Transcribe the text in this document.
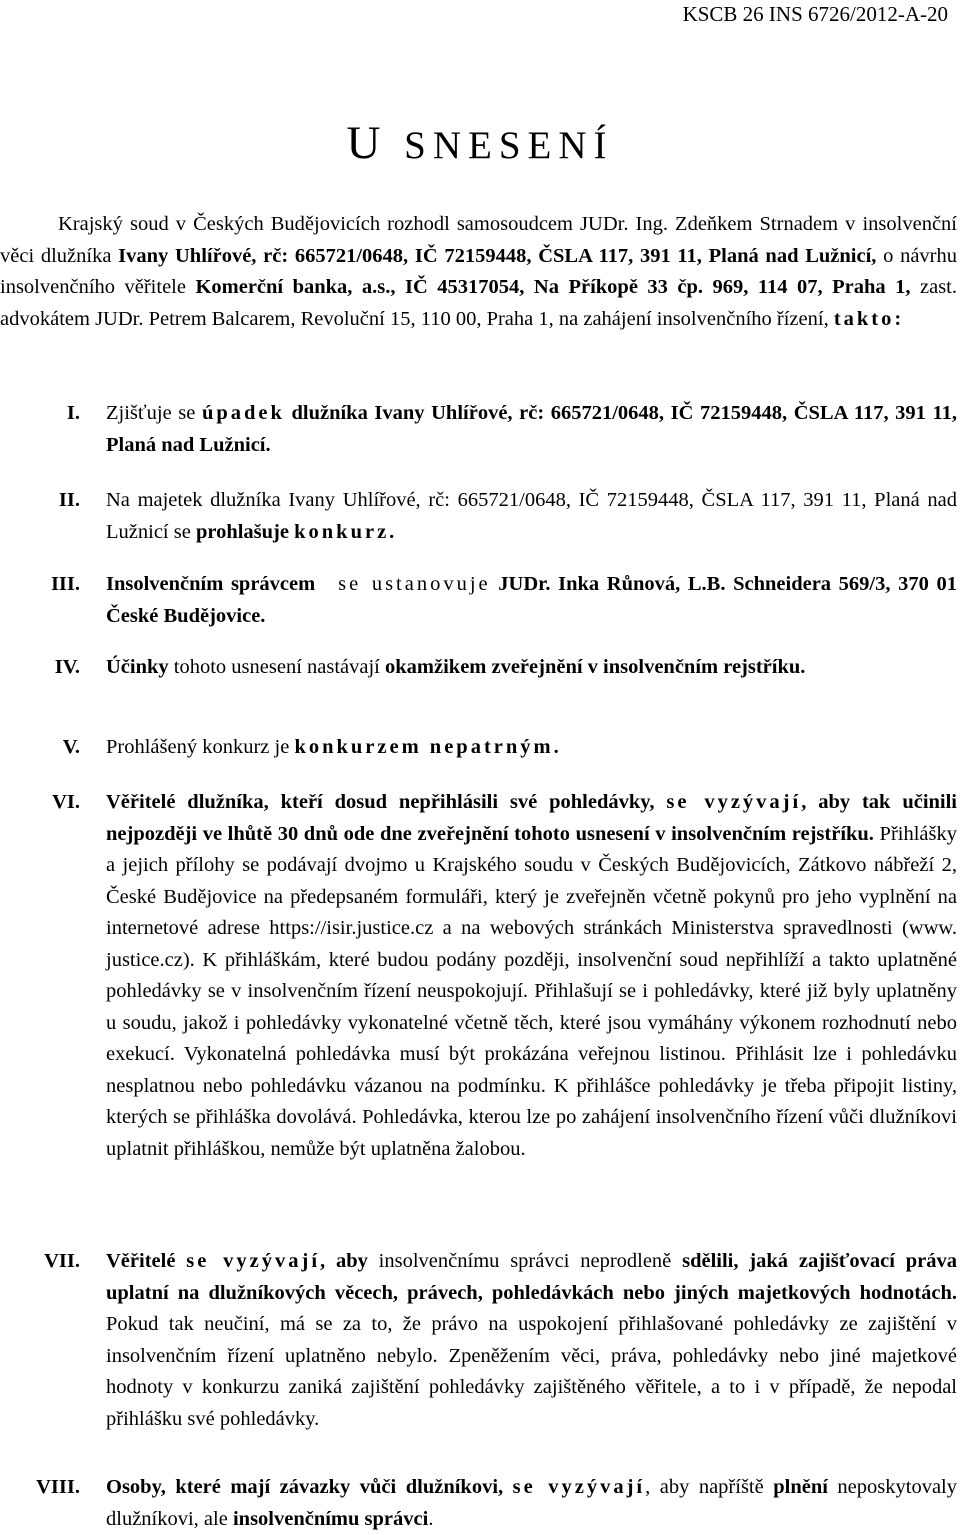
KSCB 26 INS 6726/2012-A-20
U SNESENÍ

Krajský soud v Českých Budějovicích rozhodl samosoudcem JUDr. Ing. Zdeňkem Strnadem v insolvenční věci dlužníka Ivany Uhlířové, rč: 665721/0648, IČ 72159448, ČSLA 117, 391 11, Planá nad Lužnicí, o návrhu insolvenčního věřitele Komerční banka, a.s., IČ 45317054, Na Příkopě 33 čp. 969, 114 07, Praha 1, zast. advokátem JUDr. Petrem Balcarem, Revoluční 15, 110 00, Praha 1, na zahájení insolvenčního řízení, takto:

I. Zjišťuje se úpadek dlužníka Ivany Uhlířové, rč: 665721/0648, IČ 72159448, ČSLA 117, 391 11, Planá nad Lužnicí.
II. Na majetek dlužníka Ivany Uhlířové, rč: 665721/0648, IČ 72159448, ČSLA 117, 391 11, Planá nad Lužnicí se prohlašuje konkurz.
III. Insolvenčním správcem se ustanovuje JUDr. Inka Růnová, L.B. Schneidera 569/3, 370 01 České Budějovice.
IV. Účinky tohoto usnesení nastávají okamžikem zveřejnění v insolvenčním rejstříku.
V. Prohlášený konkurz je konkurzem nepatrným.
VI. Věřitelé dlužníka, kteří dosud nepřihlásili své pohledávky, se vyzývají, aby tak učinili nejpozději ve lhůtě 30 dnů ode dne zveřejnění tohoto usnesení v insolvenčním rejstříku. Přihlášky a jejich přílohy se podávají dvojmo u Krajského soudu v Českých Budějovicích, Zátkovo nábřeží 2, České Budějovice na předepsaném formuláři, který je zveřejněn včetně pokynů pro jeho vyplnění na internetové adrese https://isir.justice.cz a na webových stránkách Ministerstva spravedlnosti (www. justice.cz). K přihláškám, které budou podány později, insolvenční soud nepřihlíží a takto uplatněné pohledávky se v insolvenčním řízení neuspokojují. Přihlašují se i pohledávky, které již byly uplatněny u soudu, jakož i pohledávky vykonatelné včetně těch, které jsou vymáhány výkonem rozhodnutí nebo exekucí. Vykonatelná pohledávka musí být prokázána veřejnou listinou. Přihlásit lze i pohledávku nesplatnou nebo pohledávku vázanou na podmínku. K přihlášce pohledávky je třeba připojit listiny, kterých se přihláška dovolává. Pohledávka, kterou lze po zahájení insolvenčního řízení vůči dlužníkovi uplatnit přihláškou, nemůže být uplatněna žalobou.
VII. Věřitelé se vyzývají, aby insolvenčnímu správci neprodleně sdělili, jaká zajišťovací práva uplatní na dlužníkových věcech, právech, pohledávkách nebo jiných majetkových hodnotách. Pokud tak neučiní, má se za to, že právo na uspokojení přihlašované pohledávky ze zajištění v insolvenčním řízení uplatněno nebylo. Zpeněžením věci, práva, pohledávky nebo jiné majetkové hodnoty v konkurzu zaniká zajištění pohledávky zajištěného věřitele, a to i v případě, že nepodal přihlášku své pohledávky.
VIII. Osoby, které mají závazky vůči dlužníkovi, se vyzývají, aby napříště plnění neposkytovaly dlužníkovi, ale insolvenčnímu správci.
